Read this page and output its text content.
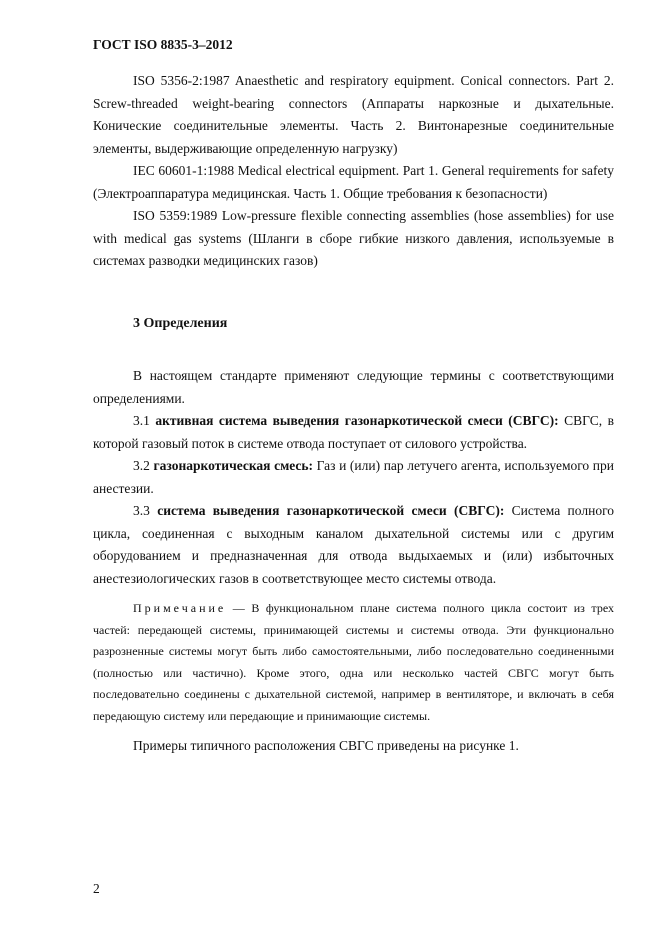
ГОСТ ISO 8835-3–2012

ISO 5356-2:1987 Anaesthetic and respiratory equipment. Conical connectors. Part 2. Screw-threaded weight-bearing connectors (Аппараты наркозные и дыхательные. Конические соединительные элементы. Часть 2. Винтонарезные соединительные элементы, выдерживающие определенную нагрузку)

IEC 60601-1:1988 Medical electrical equipment. Part 1. General requirements for safety (Электроаппаратура медицинская. Часть 1. Общие требования к безопасности)

ISO 5359:1989 Low-pressure flexible connecting assemblies (hose assemblies) for use with medical gas systems (Шланги в сборе гибкие низкого давления, используемые в системах разводки медицинских газов)

3 Определения

В настоящем стандарте применяют следующие термины с соответствующими определениями.

3.1 активная система выведения газонаркотической смеси (СВГС): СВГС, в которой газовый поток в системе отвода поступает от силового устройства.

3.2 газонаркотическая смесь: Газ и (или) пар летучего агента, используемого при анестезии.

3.3 система выведения газонаркотической смеси (СВГС): Система полного цикла, соединенная с выходным каналом дыхательной системы или с другим оборудованием и предназначенная для отвода выдыхаемых и (или) избыточных анестезиологических газов в соответствующее место системы отвода.

Примечание — В функциональном плане система полного цикла состоит из трех частей: передающей системы, принимающей системы и системы отвода. Эти функционально разрозненные системы могут быть либо самостоятельными, либо последовательно соединенными (полностью или частично). Кроме этого, одна или несколько частей СВГС могут быть последовательно соединены с дыхательной системой, например в вентиляторе, и включать в себя передающую систему или передающие и принимающие системы.

Примеры типичного расположения СВГС приведены на рисунке 1.

2
